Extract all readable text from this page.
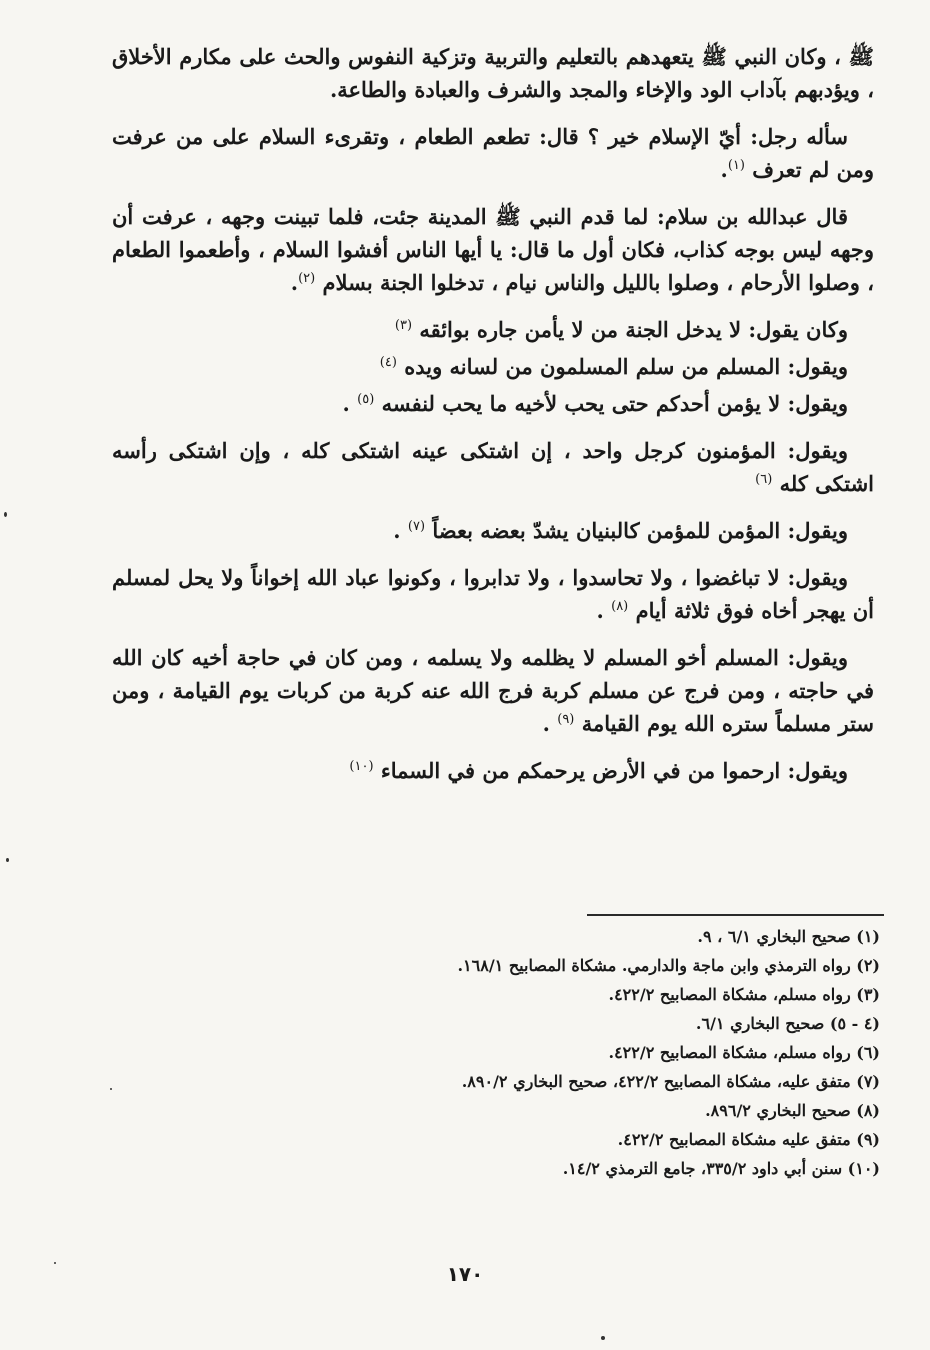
ﷺ ، وكان النبي ﷺ يتعهدهم بالتعليم والتربية وتزكية النفوس والحث على مكارم الأخلاق ، ويؤدبهم بآداب الود والإخاء والمجد والشرف والعبادة والطاعة.

سأله رجل: أيّ الإسلام خير ؟ قال: تطعم الطعام ، وتقرىء السلام على من عرفت ومن لم تعرف $^{(١)}$.

قال عبدالله بن سلام: لما قدم النبي ﷺ المدينة جئت، فلما تبينت وجهه ، عرفت أن وجهه ليس بوجه كذاب، فكان أول ما قال: يا أيها الناس أفشوا السلام ، وأطعموا الطعام ، وصلوا الأرحام ، وصلوا بالليل والناس نيام ، تدخلوا الجنة بسلام $^{(٢)}$.

وكان يقول: لا يدخل الجنة من لا يأمن جاره بوائقه $^{(٣)}$

ويقول: المسلم من سلم المسلمون من لسانه ويده $^{(٤)}$

ويقول: لا يؤمن أحدكم حتى يحب لأخيه ما يحب لنفسه $^{(٥)}$ .

ويقول: المؤمنون كرجل واحد ، إن اشتكى عينه اشتكى كله ، وإن اشتكى رأسه اشتكى كله $^{(٦)}$

ويقول: المؤمن للمؤمن كالبنيان يشدّ بعضه بعضاً $^{(٧)}$ .

ويقول: لا تباغضوا ، ولا تحاسدوا ، ولا تدابروا ، وكونوا عباد الله إخواناً ولا يحل لمسلم أن يهجر أخاه فوق ثلاثة أيام $^{(٨)}$ .

ويقول: المسلم أخو المسلم لا يظلمه ولا يسلمه ، ومن كان في حاجة أخيه كان الله في حاجته ، ومن فرج عن مسلم كربة فرج الله عنه كربة من كربات يوم القيامة ، ومن ستر مسلماً ستره الله يوم القيامة $^{(٩)}$ .

ويقول: ارحموا من في الأرض يرحمكم من في السماء $^{(١٠)}$

(١) صحيح البخاري ٦/١ ، ٩.
(٢) رواه الترمذي وابن ماجة والدارمي. مشكاة المصابيح ١٦٨/١.
(٣) رواه مسلم، مشكاة المصابيح ٤٢٢/٢.
(٤ - ٥) صحيح البخاري ٦/١.
(٦) رواه مسلم، مشكاة المصابيح ٤٢٢/٢.
(٧) متفق عليه، مشكاة المصابيح ٤٢٢/٢، صحيح البخاري ٨٩٠/٢.
(٨) صحيح البخاري ٨٩٦/٢.
(٩) متفق عليه مشكاة المصابيح ٤٢٢/٢.
(١٠) سنن أبي داود ٣٣٥/٢، جامع الترمذي ١٤/٢.
١٧٠
